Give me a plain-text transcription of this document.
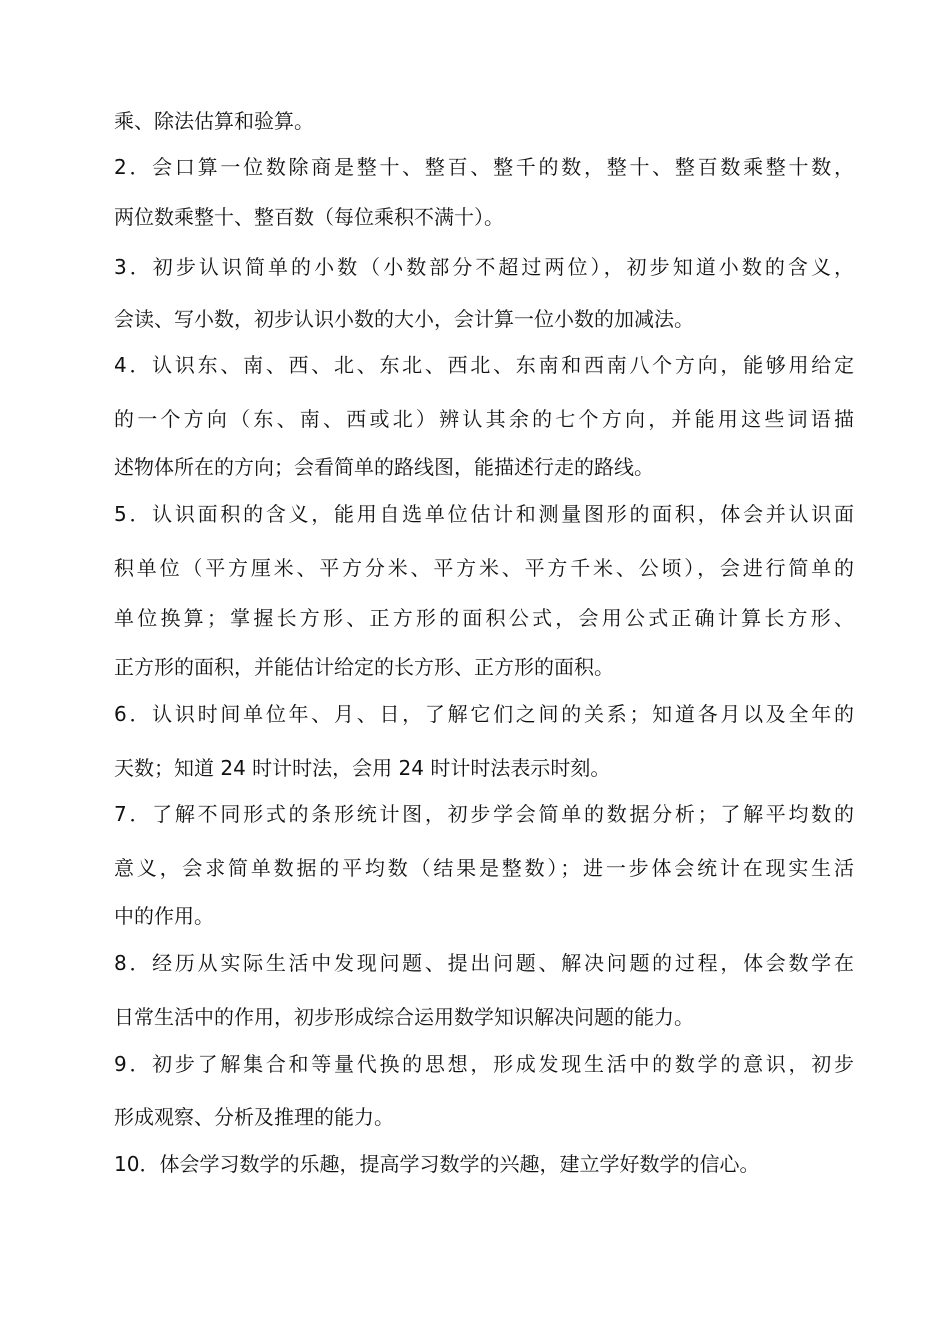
乘、除法估算和验算。
2．会口算一位数除商是整十、整百、整千的数，整十、整百数乘整十数，
两位数乘整十、整百数（每位乘积不满十）。
3．初步认识简单的小数（小数部分不超过两位），初步知道小数的含义，
会读、写小数，初步认识小数的大小，会计算一位小数的加减法。
4．认识东、南、西、北、东北、西北、东南和西南八个方向，能够用给定
的一个方向（东、南、西或北）辨认其余的七个方向，并能用这些词语描
述物体所在的方向；会看简单的路线图，能描述行走的路线。
5．认识面积的含义，能用自选单位估计和测量图形的面积，体会并认识面
积单位（平方厘米、平方分米、平方米、平方千米、公顷），会进行简单的
单位换算；掌握长方形、正方形的面积公式，会用公式正确计算长方形、
正方形的面积，并能估计给定的长方形、正方形的面积。
6．认识时间单位年、月、日，了解它们之间的关系；知道各月以及全年的
天数；知道 24 时计时法，会用 24 时计时法表示时刻。
7．了解不同形式的条形统计图，初步学会简单的数据分析；了解平均数的
意义，会求简单数据的平均数（结果是整数）；进一步体会统计在现实生活
中的作用。
8．经历从实际生活中发现问题、提出问题、解决问题的过程，体会数学在
日常生活中的作用，初步形成综合运用数学知识解决问题的能力。
9．初步了解集合和等量代换的思想，形成发现生活中的数学的意识，初步
形成观察、分析及推理的能力。
10．体会学习数学的乐趣，提高学习数学的兴趣，建立学好数学的信心。
